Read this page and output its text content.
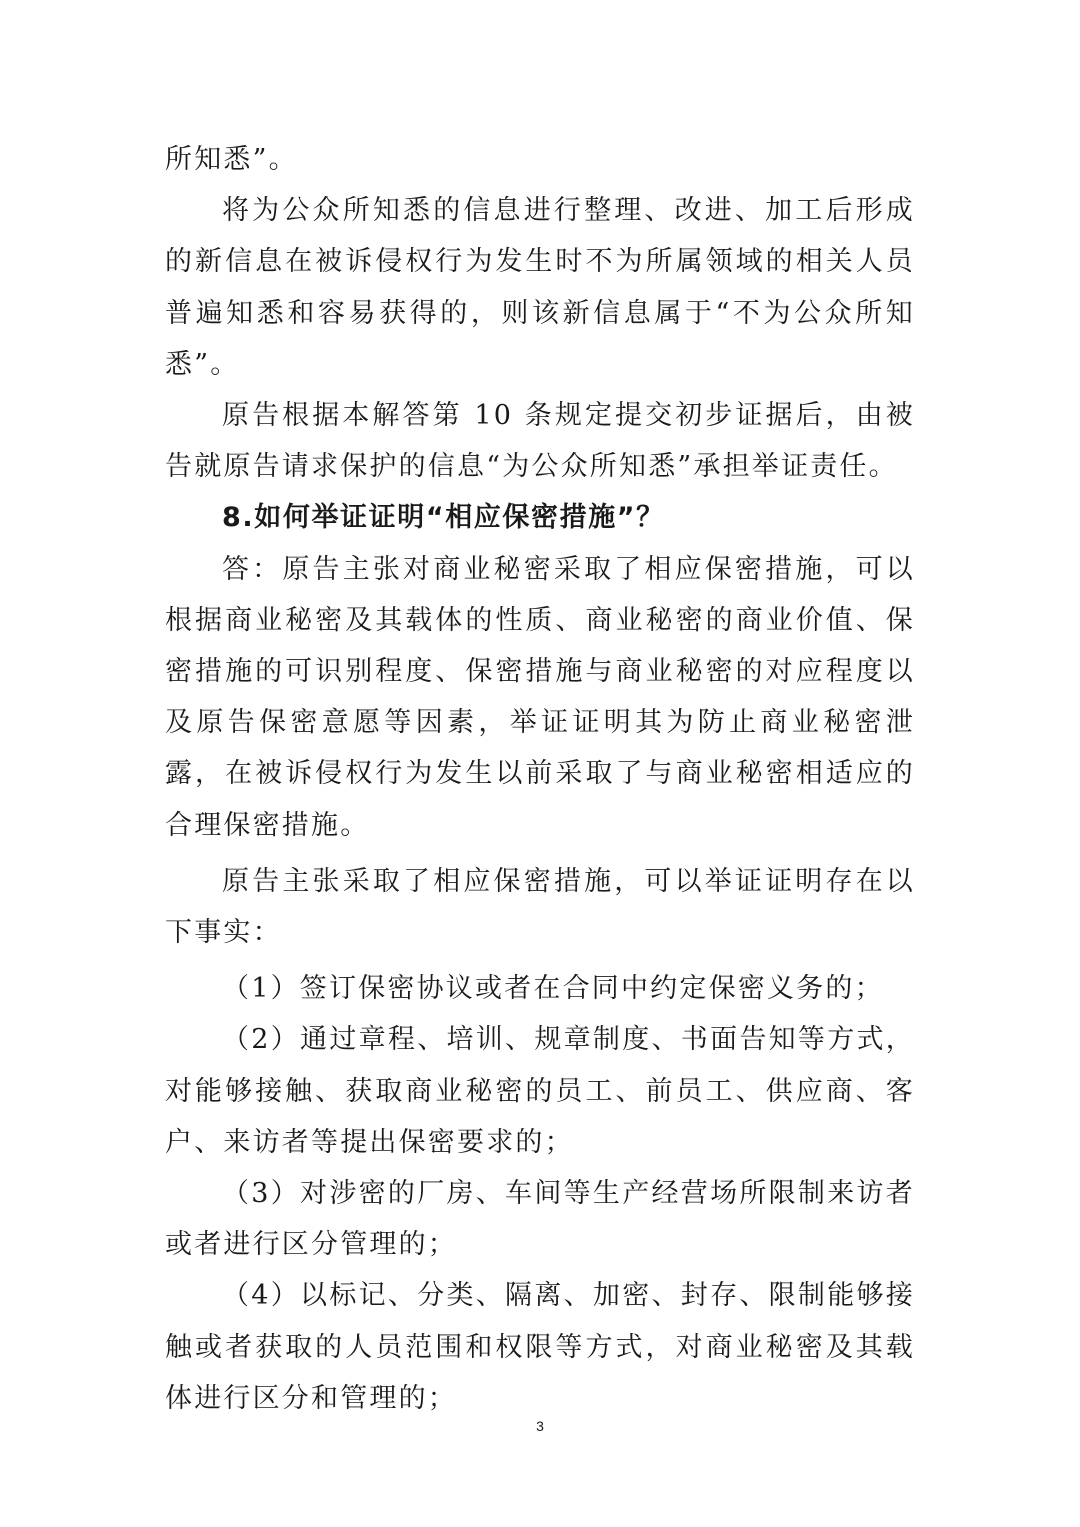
所知悉”。

将为公众所知悉的信息进行整理、改进、加工后形成的新信息在被诉侵权行为发生时不为所属领域的相关人员普遍知悉和容易获得的，则该新信息属于“不为公众所知悉”。

原告根据本解答第 10 条规定提交初步证据后，由被告就原告请求保护的信息“为公众所知悉”承担举证责任。

8.如何举证证明“相应保密措施”？

答：原告主张对商业秘密采取了相应保密措施，可以根据商业秘密及其载体的性质、商业秘密的商业价值、保密措施的可识别程度、保密措施与商业秘密的对应程度以及原告保密意愿等因素，举证证明其为防止商业秘密泄露，在被诉侵权行为发生以前采取了与商业秘密相适应的合理保密措施。

原告主张采取了相应保密措施，可以举证证明存在以下事实：

（1）签订保密协议或者在合同中约定保密义务的；

（2）通过章程、培训、规章制度、书面告知等方式，对能够接触、获取商业秘密的员工、前员工、供应商、客户、来访者等提出保密要求的；

（3）对涉密的厂房、车间等生产经营场所限制来访者或者进行区分管理的；

（4）以标记、分类、隔离、加密、封存、限制能够接触或者获取的人员范围和权限等方式，对商业秘密及其载体进行区分和管理的；

3
